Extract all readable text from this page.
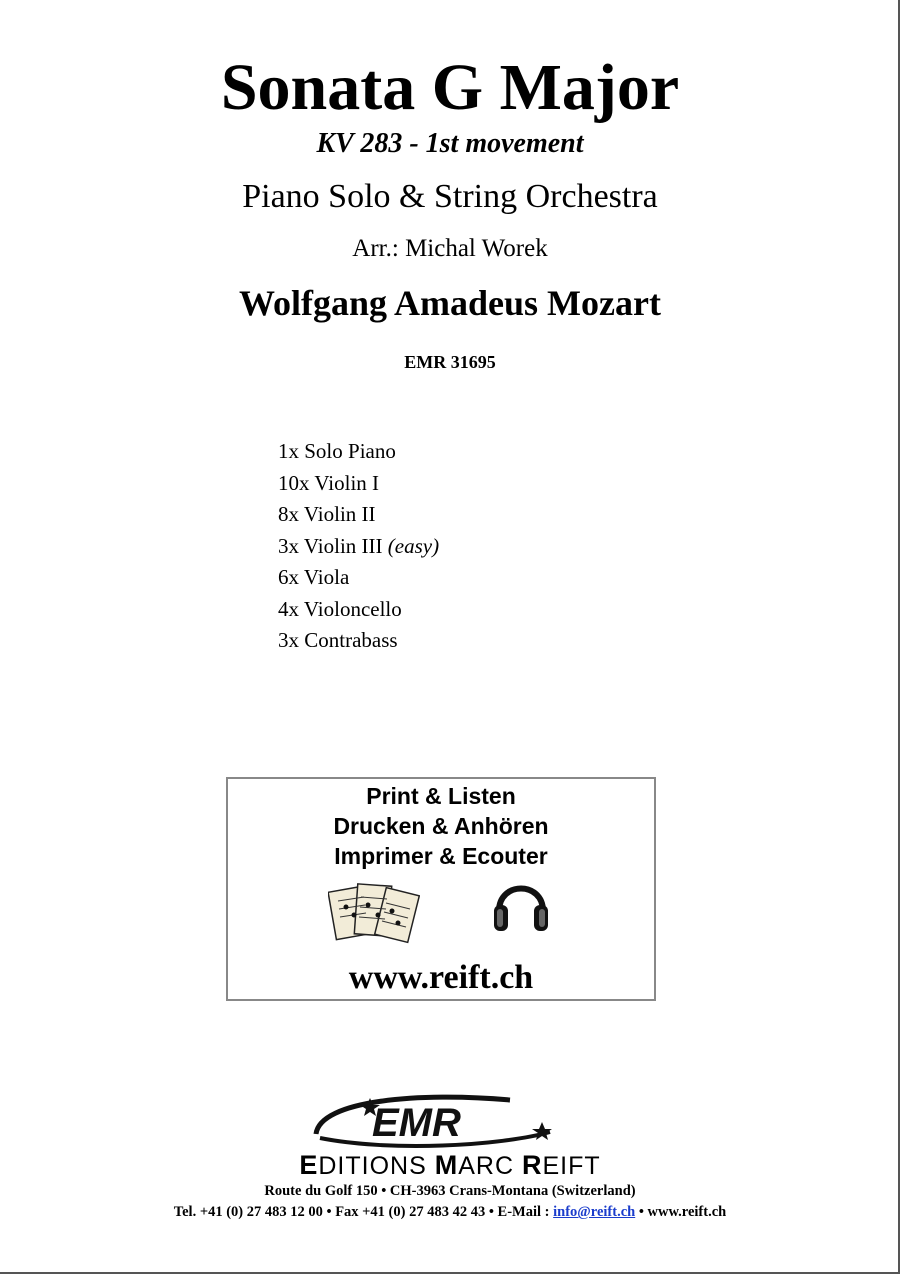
Sonata G Major
KV 283 - 1st movement
Piano Solo & String Orchestra
Arr.: Michal Worek
Wolfgang Amadeus Mozart
EMR 31695
1x Solo Piano
10x Violin I
8x Violin II
3x Violin III (easy)
6x Viola
4x Violoncello
3x Contrabass
Print & Listen
Drucken & Anhören
Imprimer & Ecouter
www.reift.ch
EMR
EDITIONS MARC REIFT
Route du Golf 150 • CH-3963 Crans-Montana (Switzerland)
Tel. +41 (0) 27 483 12 00 • Fax +41 (0) 27 483 42 43 • E-Mail : info@reift.ch • www.reift.ch
